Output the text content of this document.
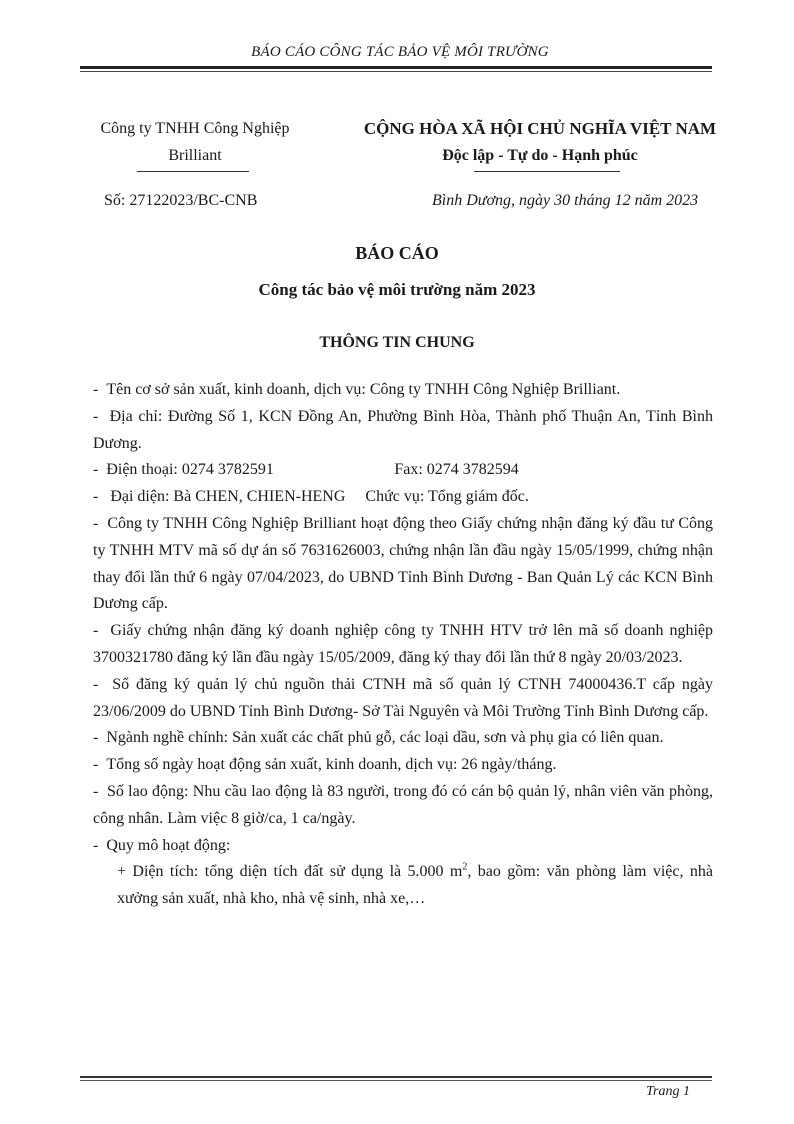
BÁO CÁO CÔNG TÁC BẢO VỆ MÔI TRƯỜNG
Công ty TNHH Công Nghiệp
Brilliant
CỘNG HÒA XÃ HỘI CHỦ NGHĨA VIỆT NAM
Độc lập - Tự do - Hạnh phúc
Số: 27122023/BC-CNB	Bình Dương, ngày 30 tháng 12 năm 2023
BÁO CÁO
Công tác bảo vệ môi trường năm 2023
THÔNG TIN CHUNG

-  Tên cơ sở sản xuất, kinh doanh, dịch vụ: Công ty TNHH Công Nghiệp Brilliant.

-  Địa chỉ: Đường Số 1, KCN Đồng An, Phường Bình Hòa, Thành phố Thuận An, Tỉnh Bình Dương.

-  Điện thoại: 0274 3782591	Fax: 0274 3782594

-  Đại diện: Bà CHEN, CHIEN-HENG Chức vụ: Tổng giám đốc.

-  Công ty TNHH Công Nghiệp Brilliant hoạt động theo Giấy chứng nhận đăng ký đầu tư Công ty TNHH MTV mã số dự án số 7631626003, chứng nhận lần đầu ngày 15/05/1999, chứng nhận thay đổi lần thứ 6 ngày 07/04/2023, do UBND Tỉnh Bình Dương - Ban Quản Lý các KCN Bình Dương cấp.

-  Giấy chứng nhận đăng ký doanh nghiệp công ty TNHH HTV trở lên mã số doanh nghiệp 3700321780 đăng ký lần đầu ngày 15/05/2009, đăng ký thay đổi lần thứ 8 ngày 20/03/2023.

-  Sổ đăng ký quản lý chủ nguồn thải CTNH mã số quản lý CTNH 74000436.T cấp ngày 23/06/2009 do UBND Tỉnh Bình Dương- Sở Tài Nguyên và Môi Trường Tỉnh Bình Dương cấp.

-  Ngành nghề chính: Sản xuất các chất phủ gỗ, các loại dầu, sơn và phụ gia có liên quan.

-  Tổng số ngày hoạt động sản xuất, kinh doanh, dịch vụ: 26 ngày/tháng.

-  Số lao động: Nhu cầu lao động là 83 người, trong đó có cán bộ quản lý, nhân viên văn phòng, công nhân. Làm việc 8 giờ/ca, 1 ca/ngày.

-  Quy mô hoạt động:

+ Diện tích: tổng diện tích đất sử dụng là 5.000 $m^2$, bao gồm: văn phòng làm việc, nhà xưởng sản xuất, nhà kho, nhà vệ sinh, nhà xe,…

Trang 1
